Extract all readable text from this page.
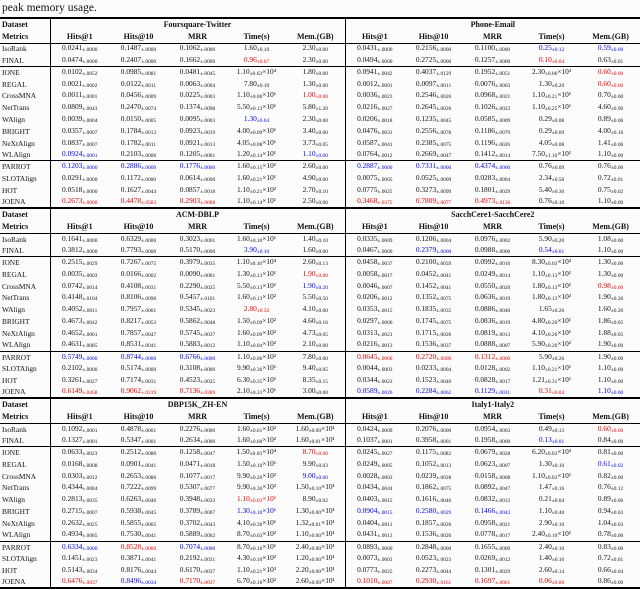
peak memory usage.
Dataset	Foursquare-Twitter					Phone-Email				
Metrics	Hits@1	Hits@10	MRR	Time(s)	Mem.(GB)	Hits@1	Hits@10	MRR	Time(s)	Mem.(GB)
IsoRank	0.0241±.0000	0.1487±.0000	0.1062±.0000	1.60±0.10	2.30±0.00	0.0431±.0000	0.2156±.0000	0.1100±.0000	0.25±0.12	0.59±0.00
FINAL	0.0474±.0000	0.2407±.0000	0.1662±.0000	0.96±0.07	2.30±0.00	0.0494±.0000	0.2725±.0000	0.1257±.0000	0.10±0.04	0.63±0.01
IONE	0.0102±.0052	0.0985±.0081	0.0481±.0045	1.10±0.63×10⁴	1.80±0.00	0.0941±.0042	0.4037±.0129	0.1952±.0051	2.30±0.06×10³	0.60±0.00
REGAL	0.0021±.0002	0.0122±.0011	0.0063±.0004	7.80±0.10	1.30±0.00	0.0012±.0001	0.0097±.0011	0.0076±.0003	1.30±0.20	0.60±0.00
CrossMNA	0.0011±.0001	0.0456±.0009	0.0225±.0003	1.10±0.00×10¹	1.00±0.00	0.0036±.0023	0.2546±.0026	0.0968±.0021	1.10±0.21×10¹	0.70±0.00
NetTrans	0.0809±.0043	0.2470±.0074	0.1374±.0098	5.50±0.13×10¹	5.80±1.20	0.0216±.0027	0.2645±.0026	0.1026±.0023	1.10±0.25×10¹	4.60±0.90
WAlign	0.0039±.0004	0.0150±.0005	0.0095±.0003	1.30±0.04	2.30±0.00	0.0206±.0018	0.1235±.0045	0.0585±.0009	0.29±0.08	0.89±0.06
BRIGHT	0.0357±.0007	0.1784±.0013	0.0923±.0019	4.00±0.09×10¹	3.40±0.00	0.0476±.0031	0.2556±.0078	0.1186±.0079	0.29±0.09	4.00±0.16
NeXtAlign	0.0837±.0007	0.1782±.0011	0.0921±.0013	4.05±0.08×10¹	3.73±0.05	0.0587±.0041	0.2385±.0075	0.1196±.0026	4.05±0.08	1.41±0.06
WLAlign	0.0924±.0001	0.2103±.0006	0.1205±.0001	1.20±0.14×10¹	1.10±0.00	0.0764±.0012	0.2669±.0047	0.1412±.0014	7.50±1.10×10¹	1.10±0.00
PARROT	0.1203±.0000	0.2886±.0000	0.1776±.0000	1.60±0.15×10¹	2.60±0.00	0.2887±.0000	0.7331±.0000	0.4374±.0000	0.76±0.09	0.76±0.00
SLOTAlign	0.0291±.0000	0.1172±.0000	0.0614±.0000	1.60±0.21×10¹	4.90±0.00	0.0075±.0005	0.0525±.0009	0.0283±.0004	2.34±0.50	0.72±0.01
HOT	0.0518±.0000	0.1627±.0044	0.0857±.0018	1.10±0.21×10²	2.70±0.10	0.0775±.0025	0.3273±.0099	0.1801±.0029	5.40±0.30	0.75±0.02
JOENA	0.2673±.0000	0.4478±.0583	0.2903±.0088	1.10±0.14×10¹	2.50±0.06	0.3468±.0375	0.7809±.0077	0.4973±.0136	0.76±0.10	1.10±0.00
Dataset	ACM-DBLP					SacchCere1-SacchCere2				
Metrics	Hits@1	Hits@10	MRR	Time(s)	Mem.(GB)	Hits@1	Hits@10	MRR	Time(s)	Mem.(GB)
IsoRank	0.1641±.0000	0.6329±.0000	0.3023±.0001	1.60±0.10×10¹	1.40±0.10	0.0335±.0009	0.1206±.0004	0.0976±.0002	5.90±0.20	1.08±0.00
FINAL	0.3812±.0000	0.7793±.0000	0.5170±.0000	3.90±0.10	1.60±0.00	0.0467±.0000	0.2379±.0000	0.0988±.0000	0.54±0.01	1.10±0.00
IONE	0.2515±.0029	0.7267±.0075	0.3979±.0035	1.10±0.10×10⁴	2.60±0.13	0.0458±.0037	0.2100±.0059	0.0992±.0016	8.30±0.03×10³	1.30±0.00
REGAL	0.0035±.0003	0.0166±.0002	0.0090±.0001	1.30±0.13×10¹	1.90±0.00	0.0058±.0017	0.0452±.0041	0.0249±.0014	1.10±0.13×10¹	1.30±0.00
CrossMNA	0.0742±.0014	0.4108±.0031	0.2290±.0025	5.50±0.13×10¹	1.90±0.20	0.0046±.0007	0.1452±.0041	0.0550±.0020	1.80±0.13×10¹	0.98±0.00
NetTrans	0.4148±.0104	0.8106±.0096	0.5457±.0101	1.60±0.13×10²	5.50±0.50	0.0206±.0012	0.1352±.0075	0.0636±.0019	1.80±0.13×10²	1.90±0.20
WAlign	0.4052±.0011	0.7957±.0061	0.5345±.0023	2.80±0.50	4.10±0.00	0.0353±.0015	0.1835±.0035	0.0886±.0040	1.65±0.20	1.60±0.20
BRIGHT	0.4673±.0042	0.8217±.0053	0.5862±.0048	1.50±0.09×10²	4.60±0.16	0.0297±.0006	0.1745±.0075	0.0836±.0019	4.80±0.26×10¹	1.86±0.05
NeXtAlign	0.4652±.0061	0.7857±.0047	0.5745±.0037	1.60±0.09×10²	4.73±0.05	0.0313±.0021	0.1715±.0026	0.0819±.0013	4.10±0.26×10¹	1.88±0.05
WLAlign	0.4631±.0085	0.8531±.0041	0.5883±.0012	1.10±0.04×10²	2.10±0.00	0.0216±.0013	0.1536±.0037	0.0888±.0007	5.90±0.26×10²	1.90±0.00
PARROT	0.5749±.0000	0.8744±.0000	0.6766±.0000	1.10±0.06×10²	7.80±0.00	0.0645±.0000	0.2720±.0000	0.1312±.0000	5.90±0.26	1.90±0.00
SLOTAlign	0.2102±.0000	0.5174±.0000	0.3108±.0000	9.90±0.36×10¹	9.40±0.05	0.0044±.0003	0.0233±.0004	0.0128±.0002	1.10±0.21×10¹	1.10±0.00
HOT	0.3261±.0027	0.7174±.0031	0.4523±.0025	6.30±0.35×10¹	8.35±0.15	0.0344±.0023	0.1523±.0040	0.0828±.0017	1.21±0.31×10¹	1.10±0.00
JOENA	0.6149±.0458	0.9062±.0219	0.7136±.0389	2.10±0.31×10¹	3.00±0.00	0.0589±.0026	0.2284±.0062	0.1129±.0031	0.31±0.04	1.10±0.00
Dataset	DBP15K_ZH-EN					Italy1-Italy2				
Metrics	Hits@1	Hits@10	MRR	Time(s)	Mem.(GB)	Hits@1	Hits@10	MRR	Time(s)	Mem.(GB)
IsoRank	0.1092±.0001	0.4878±.0001	0.2276±.0000	1.60±0.61×10²	1.60±0.00×10¹	0.0424±.0009	0.2076±.0000	0.0954±.0003	0.49±0.13	0.60±0.00
FINAL	0.1327±.0001	0.5347±.0001	0.2634±.0000	1.60±0.60×10²	1.60±0.01×10¹	0.1037±.0001	0.3958±.0001	0.1958±.0000	0.13±0.01	0.84±0.00
IONE	0.0633±.0023	0.2512±.0080	0.1258±.0047	1.50±0.03×10⁴	8.70±0.00	0.0245±.0027	0.1175±.0082	0.0679±.0028	6.20±0.03×10³	0.81±0.00
REGAL	0.0168±.0008	0.0901±.0041	0.0471±.0018	1.50±0.10×10¹	9.90±0.03	0.0249±.0005	0.1052±.0013	0.0623±.0007	1.30±0.10	0.61±0.02
CrossMNA	0.0303±.0012	0.2653±.0086	0.1077±.0017	9.90±0.26×10²	9.00±0.00	0.0028±.0003	0.0239±.0028	0.0158±.0008	1.10±0.03×10¹	0.82±0.00
NetTrans	0.4344±.0084	0.7222±.0099	0.5307±.0077	9.90±0.36×10²	1.50±0.10×10¹	0.0434±.0044	0.1862±.0075	0.0892±.0047	1.47±0.16	0.76±0.12
WAlign	0.2813±.0035	0.6263±.0046	0.3948±.0033	1.10±0.03×10¹	8.90±0.02	0.0403±.0015	0.1616±.0046	0.0832±.0033	0.21±0.04	0.89±0.06
BRIGHT	0.2715±.0007	0.5938±.0045	0.3789±.0007	1.30±0.10×10¹	1.30±0.00×10¹	0.0904±.0015	0.2580±.0029	0.1466±.0043	1.10±0.40	0.94±0.03
NeXtAlign	0.2632±.0025	0.5855±.0065	0.3702±.0043	4.10±0.30×10¹	1.32±0.01×10¹	0.0404±.0011	0.1857±.0026	0.0958±.0021	2.90±0.10	1.04±0.03
WLAlign	0.4934±.0085	0.7530±.0041	0.5889±.0062	8.70±0.63×10²	1.10±0.00×10¹	0.0431±.0013	0.1536±.0026	0.0778±.0017	2.40±0.10×10¹	0.78±0.00
PARROT	0.6334±.0000	0.8528±.0000	0.7074±.0000	8.70±0.16×10¹	2.40±0.00×10¹	0.0893±.0000	0.2848±.0000	0.1655±.0000	2.40±0.10	0.83±0.00
SLOTAlign	0.1451±.0023	0.3871±.0041	0.2192±.0031	4.30±0.10×10²	1.20±0.00×10¹	0.0073±.0003	0.0523±.0023	0.0269±.0012	1.40±0.10	0.72±0.01
HOT	0.5143±.0034	0.8176±.0044	0.6170±.0037	1.10±0.21×10³	2.20±0.00×10¹	0.0773±.0025	0.2273±.0044	0.1301±.0029	2.60±0.14	0.66±0.04
JOENA	0.6476±.0037	0.8496±.0034	0.7170±.0037	6.70±0.16×10²	2.60±0.00×10¹	0.1010±.0007	0.2930±.0161	0.1697±.0061	0.06±0.00	0.86±0.00
